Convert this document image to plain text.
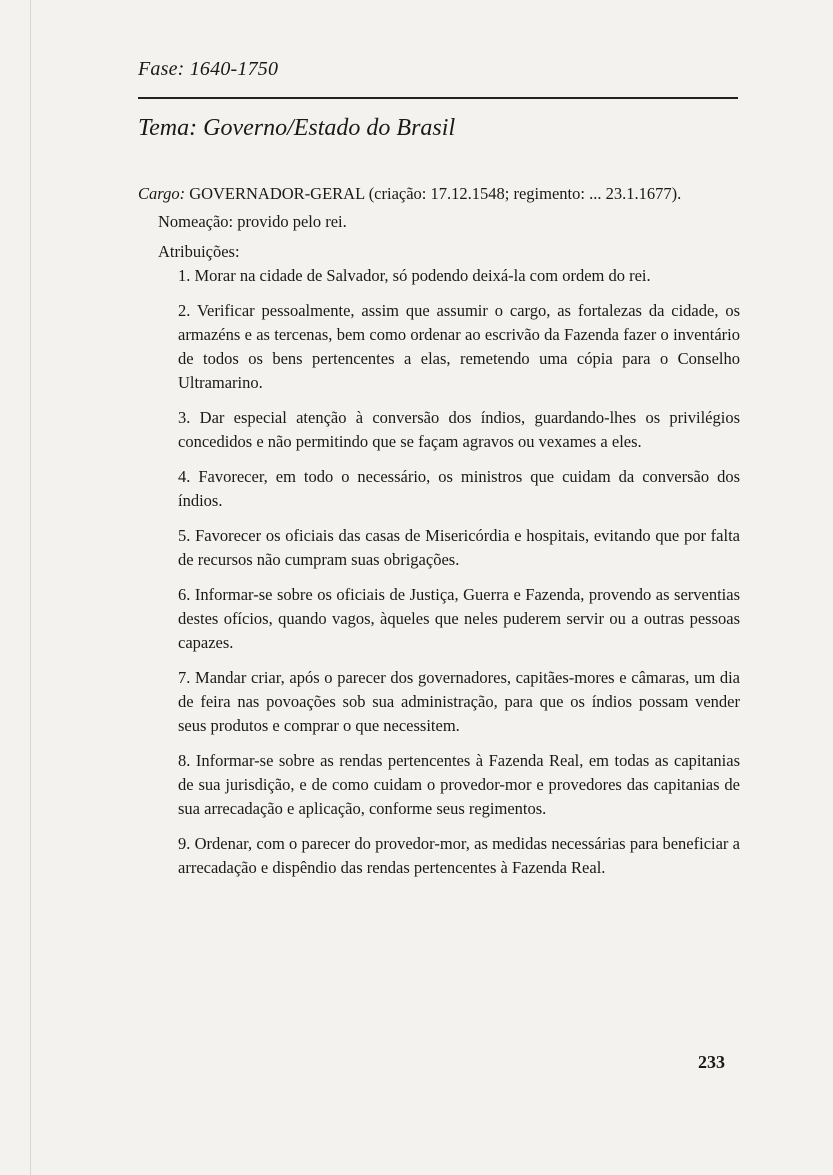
Fase: 1640-1750
Tema: Governo/Estado do Brasil

Cargo: GOVERNADOR-GERAL (criação: 17.12.1548; regimento: ... 23.1.1677).

Nomeação: provido pelo rei.

Atribuições:

1. Morar na cidade de Salvador, só podendo deixá-la com ordem do rei.

2. Verificar pessoalmente, assim que assumir o cargo, as fortalezas da cidade, os armazéns e as tercenas, bem como ordenar ao escrivão da Fazenda fazer o inventário de todos os bens pertencentes a elas, remetendo uma cópia para o Conselho Ultramarino.

3. Dar especial atenção à conversão dos índios, guardando-lhes os privilégios concedidos e não permitindo que se façam agravos ou vexames a eles.

4. Favorecer, em todo o necessário, os ministros que cuidam da conversão dos índios.

5. Favorecer os oficiais das casas de Misericórdia e hospitais, evitando que por falta de recursos não cumpram suas obrigações.

6. Informar-se sobre os oficiais de Justiça, Guerra e Fazenda, provendo as serventias destes ofícios, quando vagos, àqueles que neles puderem servir ou a outras pessoas capazes.

7. Mandar criar, após o parecer dos governadores, capitães-mores e câmaras, um dia de feira nas povoações sob sua administração, para que os índios possam vender seus produtos e comprar o que necessitem.

8. Informar-se sobre as rendas pertencentes à Fazenda Real, em todas as capitanias de sua jurisdição, e de como cuidam o provedor-mor e provedores das capitanias de sua arrecadação e aplicação, conforme seus regimentos.

9. Ordenar, com o parecer do provedor-mor, as medidas necessárias para beneficiar a arrecadação e dispêndio das rendas pertencentes à Fazenda Real.

233
